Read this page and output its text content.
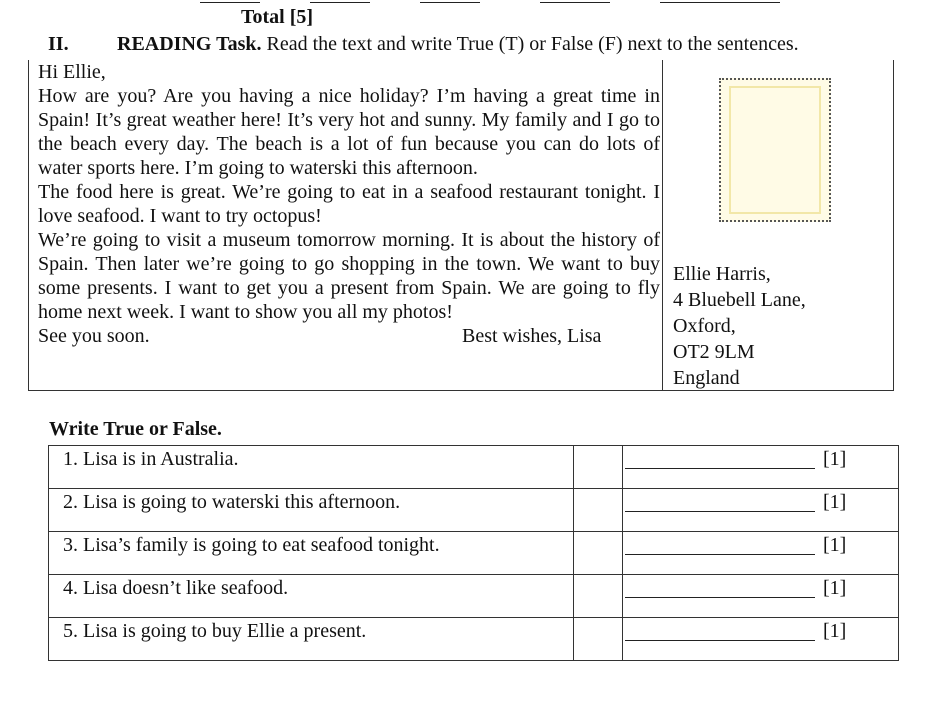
Total [5]
II. READING Task. Read the text and write True (T) or False (F) next to the sentences.

Hi Ellie,

How are you? Are you having a nice holiday? I’m having a great time in Spain! It’s great weather here! It’s very hot and sunny. My family and I go to the beach every day. The beach is a lot of fun because you can do lots of water sports here. I’m going to waterski this afternoon.

The food here is great. We’re going to eat in a seafood restaurant tonight. I love seafood. I want to try octopus!

We’re going to visit a museum tomorrow morning. It is about the history of Spain. Then later we’re going to go shopping in the town. We want to buy some presents. I want to get you a present from Spain. We are going to fly home next week. I want to show you all my photos!

See you soon.	Best wishes, Lisa
Ellie Harris,
4 Bluebell Lane,
Oxford,
OT2 9LM
England
Write True or False.
1. Lisa is in Australia.		[1]

2. Lisa is going to waterski this afternoon.		[1]

3. Lisa’s family is going to eat seafood tonight.		[1]

4. Lisa doesn’t like seafood.		[1]

5. Lisa is going to buy Ellie a present.		[1]
